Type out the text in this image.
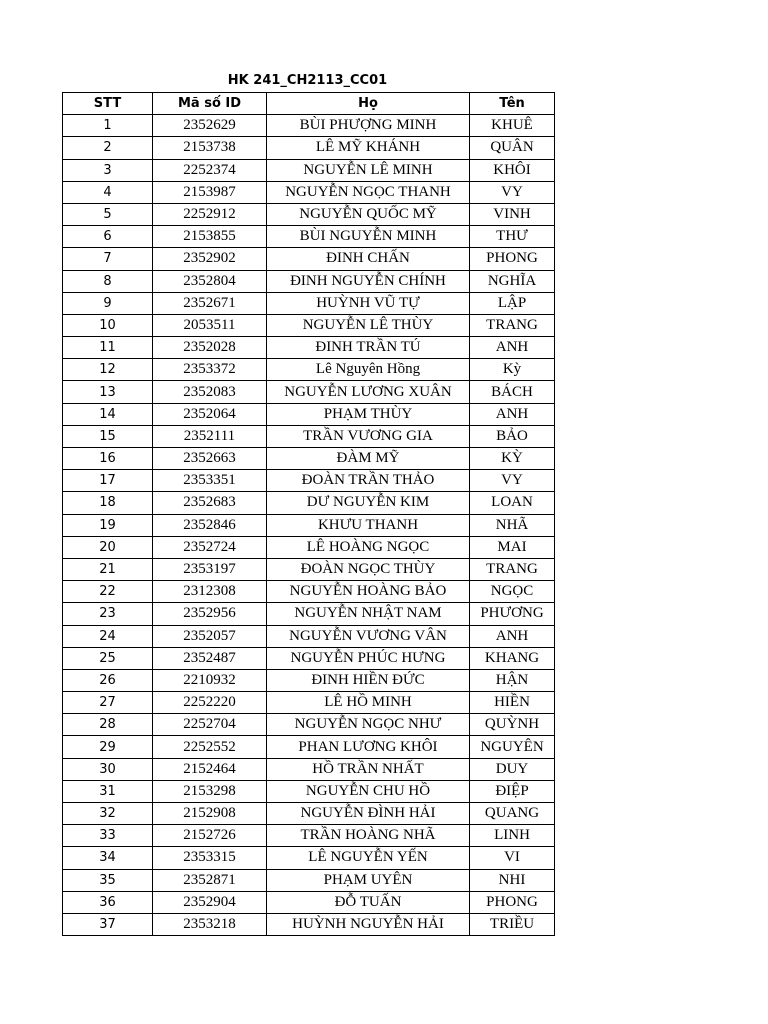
HK 241_CH2113_CC01
STT	Mã số ID	Họ	Tên
1	2352629	BÙI PHƯỢNG MINH	KHUÊ
2	2153738	LÊ MỸ KHÁNH	QUÂN
3	2252374	NGUYỄN LÊ MINH	KHÔI
4	2153987	NGUYỄN NGỌC THANH	VY
5	2252912	NGUYỄN QUỐC MỸ	VINH
6	2153855	BÙI NGUYỄN MINH	THƯ
7	2352902	ĐINH CHẤN	PHONG
8	2352804	ĐINH NGUYỄN CHÍNH	NGHĨA
9	2352671	HUỲNH VŨ TỰ	LẬP
10	2053511	NGUYỄN LÊ THÙY	TRANG
11	2352028	ĐINH TRẦN TÚ	ANH
12	2353372	Lê Nguyên Hồng	Kỳ
13	2352083	NGUYỄN LƯƠNG XUÂN	BÁCH
14	2352064	PHẠM THÙY	ANH
15	2352111	TRẦN VƯƠNG GIA	BẢO
16	2352663	ĐÀM MỸ	KỲ
17	2353351	ĐOÀN TRẦN THẢO	VY
18	2352683	DƯ NGUYỄN KIM	LOAN
19	2352846	KHƯU THANH	NHÃ
20	2352724	LÊ HOÀNG NGỌC	MAI
21	2353197	ĐOÀN NGỌC THÙY	TRANG
22	2312308	NGUYỄN HOÀNG BẢO	NGỌC
23	2352956	NGUYỄN NHẬT NAM	PHƯƠNG
24	2352057	NGUYỄN VƯƠNG VÂN	ANH
25	2352487	NGUYỄN PHÚC HƯNG	KHANG
26	2210932	ĐINH HIỀN ĐỨC	HẬN
27	2252220	LÊ HỒ MINH	HIỀN
28	2252704	NGUYỄN NGỌC NHƯ	QUỲNH
29	2252552	PHAN LƯƠNG KHÔI	NGUYÊN
30	2152464	HỒ TRẦN NHẤT	DUY
31	2153298	NGUYỄN CHU HỒ	ĐIỆP
32	2152908	NGUYỄN ĐÌNH HẢI	QUANG
33	2152726	TRẦN HOÀNG NHÃ	LINH
34	2353315	LÊ NGUYỄN YẾN	VI
35	2352871	PHẠM UYÊN	NHI
36	2352904	ĐỖ TUẤN	PHONG
37	2353218	HUỲNH NGUYỄN HẢI	TRIỀU
